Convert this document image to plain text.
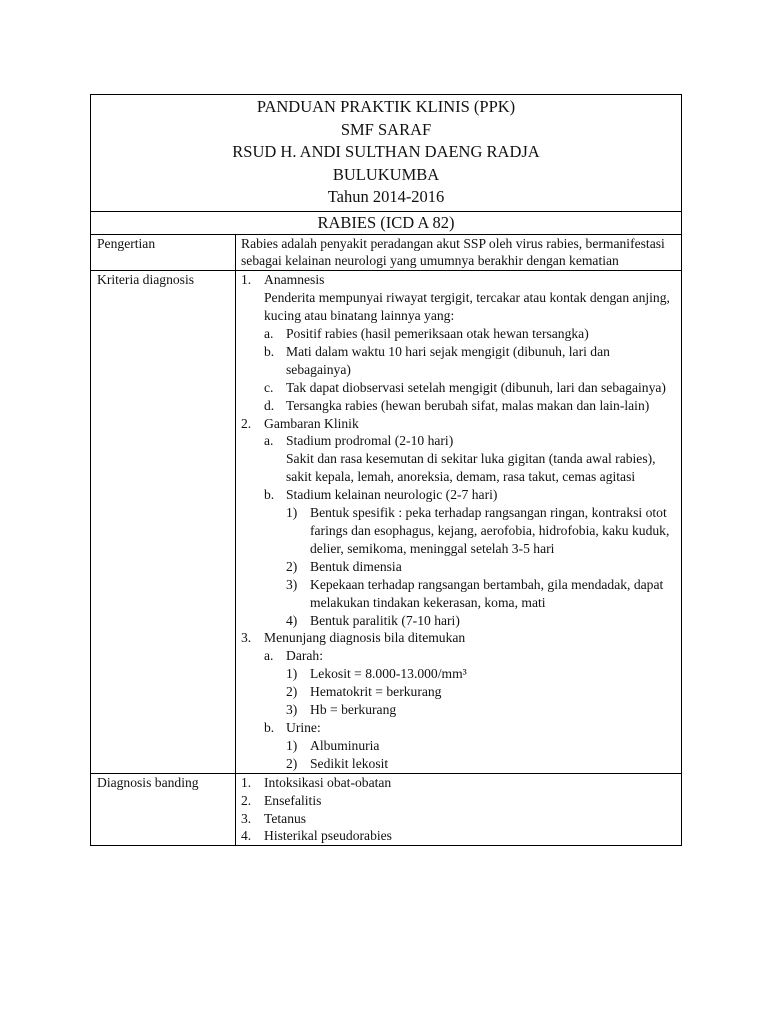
PANDUAN PRAKTIK KLINIS (PPK)
SMF SARAF
RSUD H. ANDI SULTHAN DAENG RADJA
BULUKUMBA
Tahun 2014-2016
RABIES (ICD A 82)
Pengertian	Rabies adalah penyakit peradangan akut SSP oleh virus rabies, bermanifestasi sebagai kelainan neurologi yang umumnya berakhir dengan kematian
Kriteria diagnosis	1. Anamnesis
Penderita mempunyai riwayat tergigit, tercakar atau kontak dengan anjing, kucing atau binatang lainnya yang:
a. Positif rabies (hasil pemeriksaan otak hewan tersangka)
b. Mati dalam waktu 10 hari sejak mengigit (dibunuh, lari dan sebagainya)
c. Tak dapat diobservasi setelah mengigit (dibunuh, lari dan sebagainya)
d. Tersangka rabies (hewan berubah sifat, malas makan dan lain-lain)
2. Gambaran Klinik
a. Stadium prodromal (2-10 hari)
Sakit dan rasa kesemutan di sekitar luka gigitan (tanda awal rabies), sakit kepala, lemah, anoreksia, demam, rasa takut, cemas agitasi
b. Stadium kelainan neurologic (2-7 hari)
1) Bentuk spesifik : peka terhadap rangsangan ringan, kontraksi otot farings dan esophagus, kejang, aerofobia, hidrofobia, kaku kuduk, delier, semikoma, meninggal setelah 3-5 hari
2) Bentuk dimensia
3) Kepekaan terhadap rangsangan bertambah, gila mendadak, dapat melakukan tindakan kekerasan, koma, mati
4) Bentuk paralitik (7-10 hari)
3. Menunjang diagnosis bila ditemukan
a. Darah:
1) Lekosit = 8.000-13.000/mm³
2) Hematokrit = berkurang
3) Hb = berkurang
b. Urine:
1) Albuminuria
2) Sedikit lekosit
Diagnosis banding	1. Intoksikasi obat-obatan
2. Ensefalitis
3. Tetanus
4. Histerikal pseudorabies
